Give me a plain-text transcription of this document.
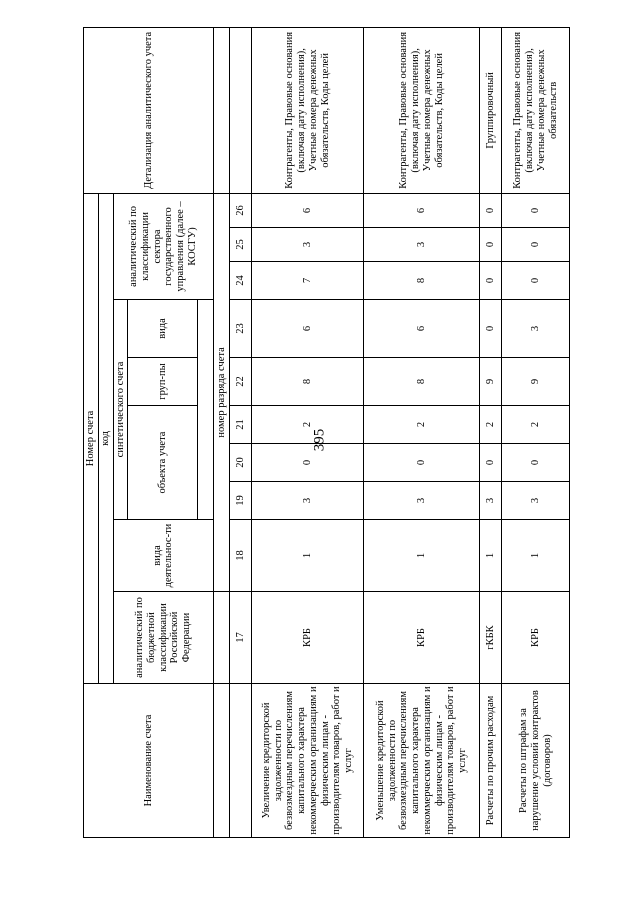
395
Наименование счета	Номер счета										Детализация аналитического учета
	код										
	аналитический по бюджетной классификации Российской Федерации	вида деятельнос-ти	синтетического счета					аналитический по классификации сектора государственного управления (далее – КОСГУ)			
			объекта учета			груп-пы	вида				

		номер разряда счета									
	17	18	19	20	21	22	23	24	25	26	
Увеличение кредиторской задолженности по безвозмездным перечислениям капитального характера некоммерческим организациям и физическим лицам - производителям товаров, работ и услуг	КРБ	1	3	0	2	8	6	7	3	6	Контрагенты, Правовые основания (включая дату исполнения), Учетные номера денежных обязательств, Коды целей
Уменьшение кредиторской задолженности по безвозмездным перечислениям капитального характера некоммерческим организациям и физическим лицам - производителям товаров, работ и услуг	КРБ	1	3	0	2	8	6	8	3	6	Контрагенты, Правовые основания (включая дату исполнения), Учетные номера денежных обязательств, Коды целей
Расчеты по прочим расходам	гКБК	1	3	0	2	9	0	0	0	0	Группировочный
Расчеты по штрафам за нарушение условий контрактов (договоров)	КРБ	1	3	0	2	9	3	0	0	0	Контрагенты, Правовые основания (включая дату исполнения), Учетные номера денежных обязательств
